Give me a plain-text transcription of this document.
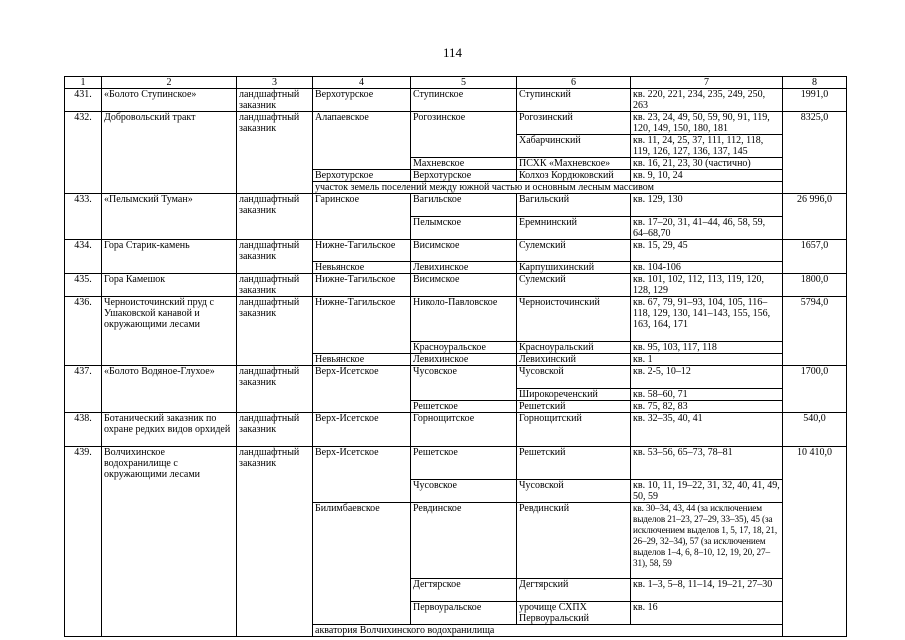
114
1	2	3	4	5	6	7	8
431.	«Болото Ступинское»	ландшафтный заказник	Верхотурское	Ступинское	Ступинский	кв. 220, 221, 234, 235, 249, 250, 263	1991,0
432.	Добровольский тракт	ландшафтный заказник	Алапаевское	Рогозинское	Рогозинский	кв. 23, 24, 49, 50, 59, 90, 91, 119, 120, 149, 150, 180, 181	8325,0
					Хабарчинский	кв. 11, 24, 25, 37, 111, 112, 118, 119, 126, 127, 136, 137, 145	
				Махневское	ПСХК «Махневское»	кв. 16, 21, 23, 30 (частично)	
			Верхотурское	Верхотурское	Колхоз Кордюковский	кв. 9, 10, 24	
			участок земель поселений между южной частью и основным лесным массивом				
433.	«Пелымский Туман»	ландшафтный заказник	Гаринское	Вагильское	Вагильский	кв. 129, 130	26 996,0
				Пелымское	Еремнинский	кв. 17–20, 31, 41–44, 46, 58, 59, 64–68,70	
434.	Гора Старик-камень	ландшафтный заказник	Нижне-Тагильское	Висимское	Сулемский	кв. 15, 29, 45	1657,0
			Невьянское	Левихинское	Карпушихинский	кв. 104-106	
435.	Гора Камешок	ландшафтный заказник	Нижне-Тагильское	Висимское	Сулемский	кв. 101, 102, 112, 113, 119, 120, 128, 129	1800,0
436.	Черноисточинский пруд с Ушаковской канавой и окружающими лесами	ландшафтный заказник	Нижне-Тагильское	Николо-Павловское	Черноисточинский	кв. 67, 79, 91–93, 104, 105, 116–118, 129, 130, 141–143, 155, 156, 163, 164, 171	5794,0
				Красноуральское	Красноуральский	кв. 95, 103, 117, 118	
			Невьянское	Левихинское	Левихинский	кв. 1	
437.	«Болото Водяное-Глухое»	ландшафтный заказник	Верх-Исетское	Чусовское	Чусовской	кв. 2-5, 10–12	1700,0
					Широкореченский	кв. 58–60, 71	
				Решетское	Решетский	кв. 75, 82, 83	
438.	Ботанический заказник по охране редких видов орхидей	ландшафтный заказник	Верх-Исетское	Горнощитское	Горнощитский	кв. 32–35, 40, 41	540,0
439.	Волчихинское водохранилище с окружающими лесами	ландшафтный заказник	Верх-Исетское	Решетское	Решетский	кв. 53–56, 65–73, 78–81	10 410,0
				Чусовское	Чусовской	кв. 10, 11, 19–22, 31, 32, 40, 41, 49, 50, 59	
			Билимбаевское	Ревдинское	Ревдинский	кв. 30–34, 43, 44 (за исключением выделов 21–23, 27–29, 33–35), 45 (за исключением выделов 1, 5, 17, 18, 21, 26–29, 32–34), 57 (за исключением выделов 1–4, 6, 8–10, 12, 19, 20, 27–31), 58, 59	
				Дегтярское	Дегтярский	кв. 1–3, 5–8, 11–14, 19–21, 27–30	
				Первоуральское	урочище СХПХ Первоуральский	кв. 16	
			акватория Волчихинского водохранилища				
